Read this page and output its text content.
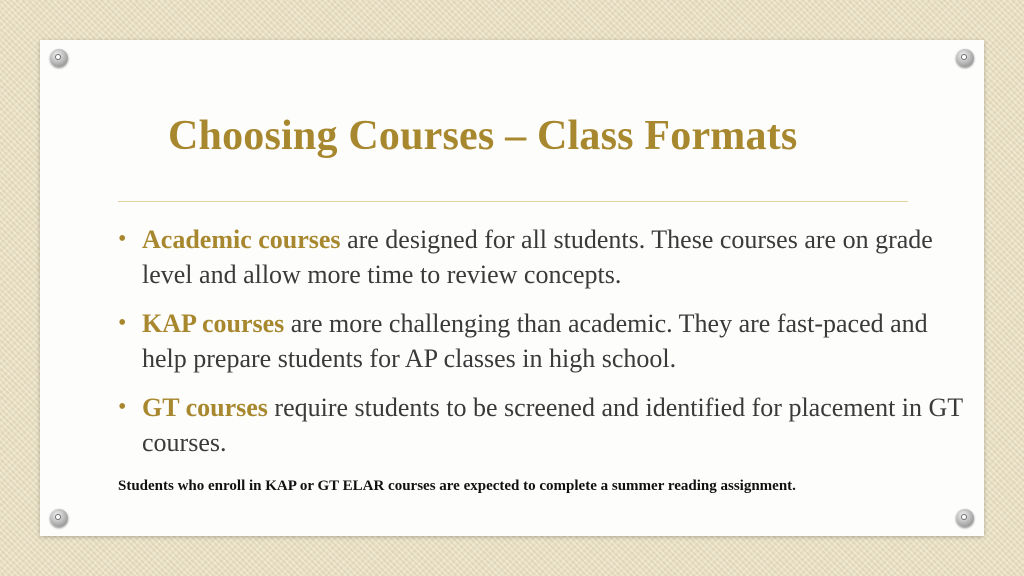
Choosing Courses – Class Formats
• Academic courses are designed for all students. These courses are on grade level and allow more time to review concepts.
• KAP courses are more challenging than academic. They are fast-paced and help prepare students for AP classes in high school.
• GT courses require students to be screened and identified for placement in GT courses.

Students who enroll in KAP or GT ELAR courses are expected to complete a summer reading assignment.
